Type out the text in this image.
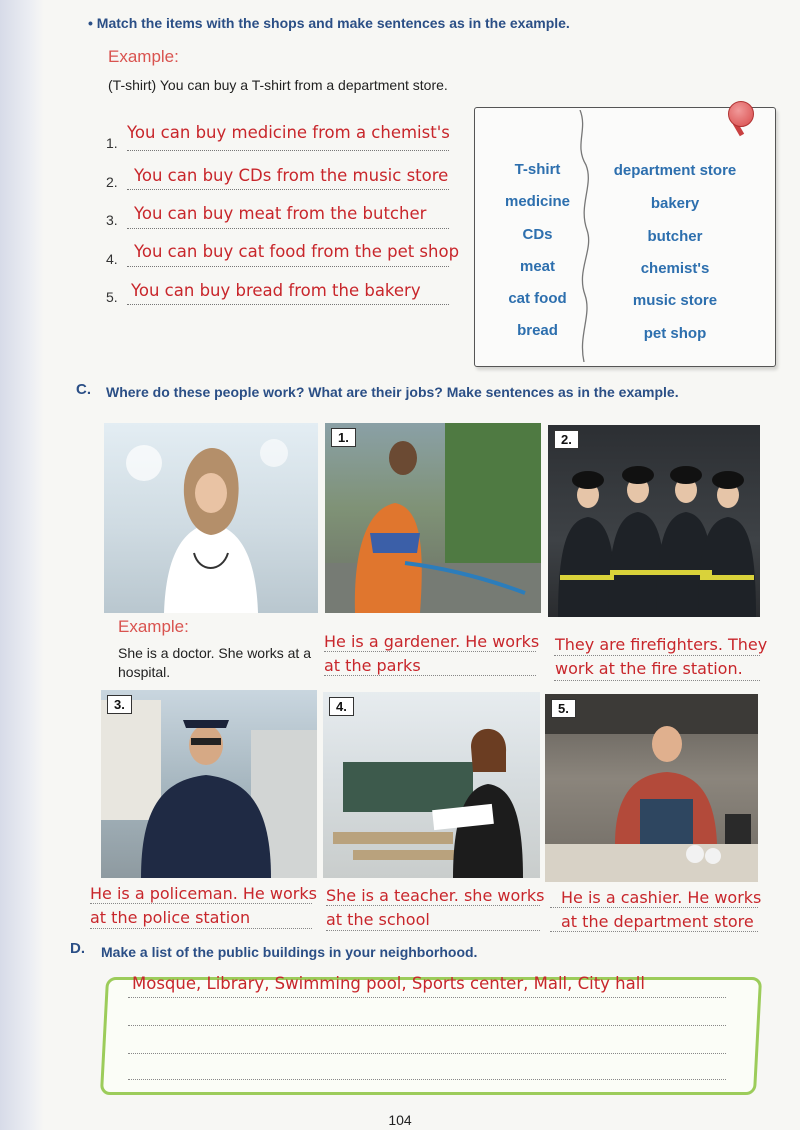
• Match the items with the shops and make sentences as in the example.
Example:
(T-shirt) You can buy a T-shirt from a department store.
1.
You can buy medicine from a chemist's
2. You can buy CDs from the music store
3. You can buy meat from the butcher
4. You can buy cat food from the pet shop
5. You can buy bread from the bakery
T-shirt
medicine
CDs
meat
cat food
bread
department store
bakery
butcher
chemist's
music store
pet shop
C. Where do these people work? What are their jobs? Make sentences as in the example.
Example:
She is a doctor. She works at a hospital.
1.
He is a gardener. He works at the parks
2.
They are firefighters. They work at the fire station.
3.
He is a policeman. He works at the police station
4.
She is a teacher. she works at the school
5.
He is a cashier. He works at the department store
D. Make a list of the public buildings in your neighborhood.
Mosque, Library, Swimming pool, Sports center, Mall, City hall
104
